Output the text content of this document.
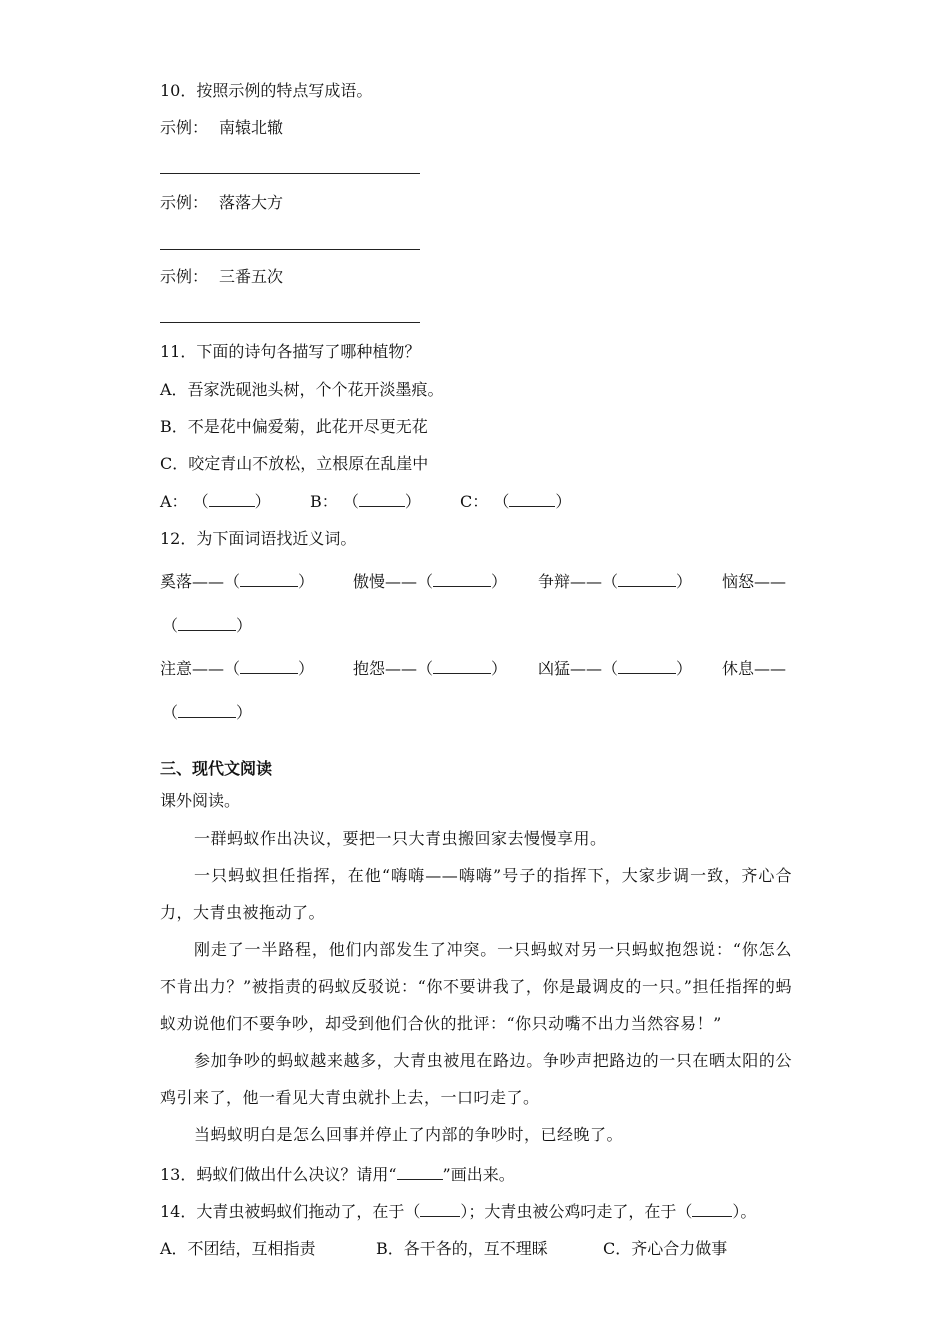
10．按照示例的特点写成语。
示例： 南辕北辙
示例： 落落大方
示例： 三番五次
11．下面的诗句各描写了哪种植物？
A．吾家洗砚池头树，个个花开淡墨痕。
B．不是花中偏爱菊，此花开尽更无花
C．咬定青山不放松，立根原在乱崖中
A： （	） B： （	） C： （	）
12．为下面词语找近义词。
奚落——（	） 傲慢——（	） 争辩——（	） 恼怒——
（	）
注意——（	） 抱怨——（	） 凶猛——（	） 休息——
（	）
三、现代文阅读
课外阅读。
一群蚂蚁作出决议，要把一只大青虫搬回家去慢慢享用。
一只蚂蚁担任指挥，在他“嗨嗨——嗨嗨”号子的指挥下，大家步调一致，齐心合力，大青虫被拖动了。
刚走了一半路程，他们内部发生了冲突。一只蚂蚁对另一只蚂蚁抱怨说：“你怎么不肯出力？”被指责的码蚁反驳说：“你不要讲我了，你是最调皮的一只。”担任指挥的蚂蚁劝说他们不要争吵，却受到他们合伙的批评：“你只动嘴不出力当然容易！”
参加争吵的蚂蚁越来越多，大青虫被甩在路边。争吵声把路边的一只在晒太阳的公鸡引来了，他一看见大青虫就扑上去，一口叼走了。
当蚂蚁明白是怎么回事并停止了内部的争吵时，已经晚了。
13．蚂蚁们做出什么决议？请用“	”画出来。
14．大青虫被蚂蚁们拖动了，在于（	）；大青虫被公鸡叼走了，在于（	）。
A．不团结，互相指责	B．各干各的，互不理睬	C．齐心合力做事
